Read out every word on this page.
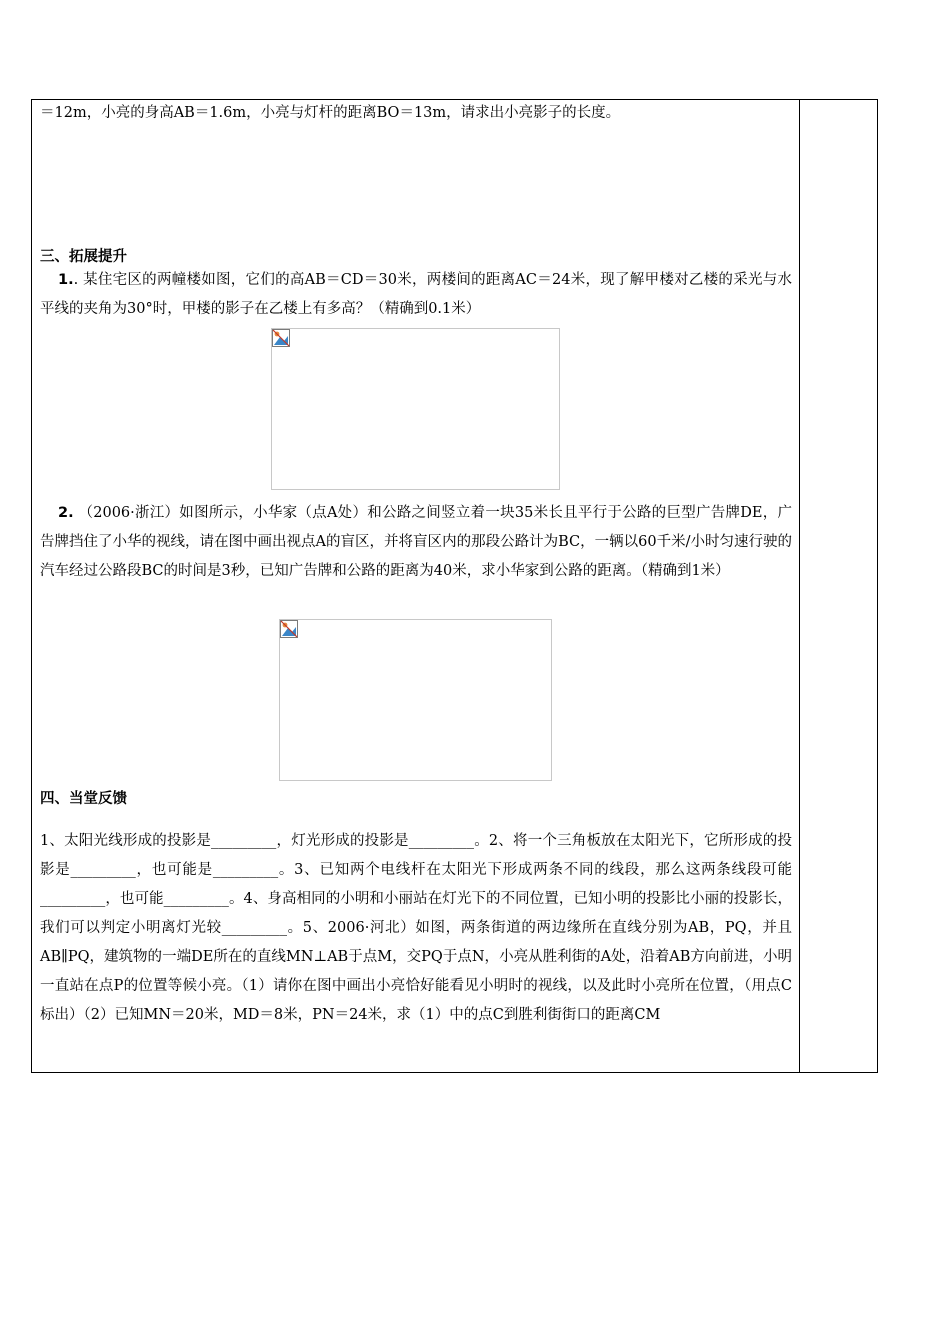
＝12m，小亮的身高AB＝1.6m，小亮与灯杆的距离BO＝13m，请求出小亮影子的长度。
三、拓展提升
1.. 某住宅区的两幢楼如图，它们的高AB＝CD＝30米，两楼间的距离AC＝24米，现了解甲楼对乙楼的采光与水平线的夹角为30°时，甲楼的影子在乙楼上有多高？（精确到0.1米）
2. （2006·浙江）如图所示，小华家（点A处）和公路之间竖立着一块35米长且平行于公路的巨型广告牌DE，广告牌挡住了小华的视线，请在图中画出视点A的盲区，并将盲区内的那段公路计为BC，一辆以60千米/小时匀速行驶的汽车经过公路段BC的时间是3秒，已知广告牌和公路的距离为40米，求小华家到公路的距离。（精确到1米）
四、当堂反馈
1、太阳光线形成的投影是_________，灯光形成的投影是_________。2、将一个三角板放在太阳光下，它所形成的投影是_________，也可能是_________。3、已知两个电线杆在太阳光下形成两条不同的线段，那么这两条线段可能_________，也可能_________。4、身高相同的小明和小丽站在灯光下的不同位置，已知小明的投影比小丽的投影长，我们可以判定小明离灯光较_________。5、2006·河北）如图，两条街道的两边缘所在直线分别为AB，PQ，并且AB∥PQ，建筑物的一端DE所在的直线MN⊥AB于点M，交PQ于点N，小亮从胜利街的A处，沿着AB方向前进，小明一直站在点P的位置等候小亮。（1）请你在图中画出小亮恰好能看见小明时的视线，以及此时小亮所在位置，（用点C标出）（2）已知MN＝20米，MD＝8米，PN＝24米，求（1）中的点C到胜利街街口的距离CM
